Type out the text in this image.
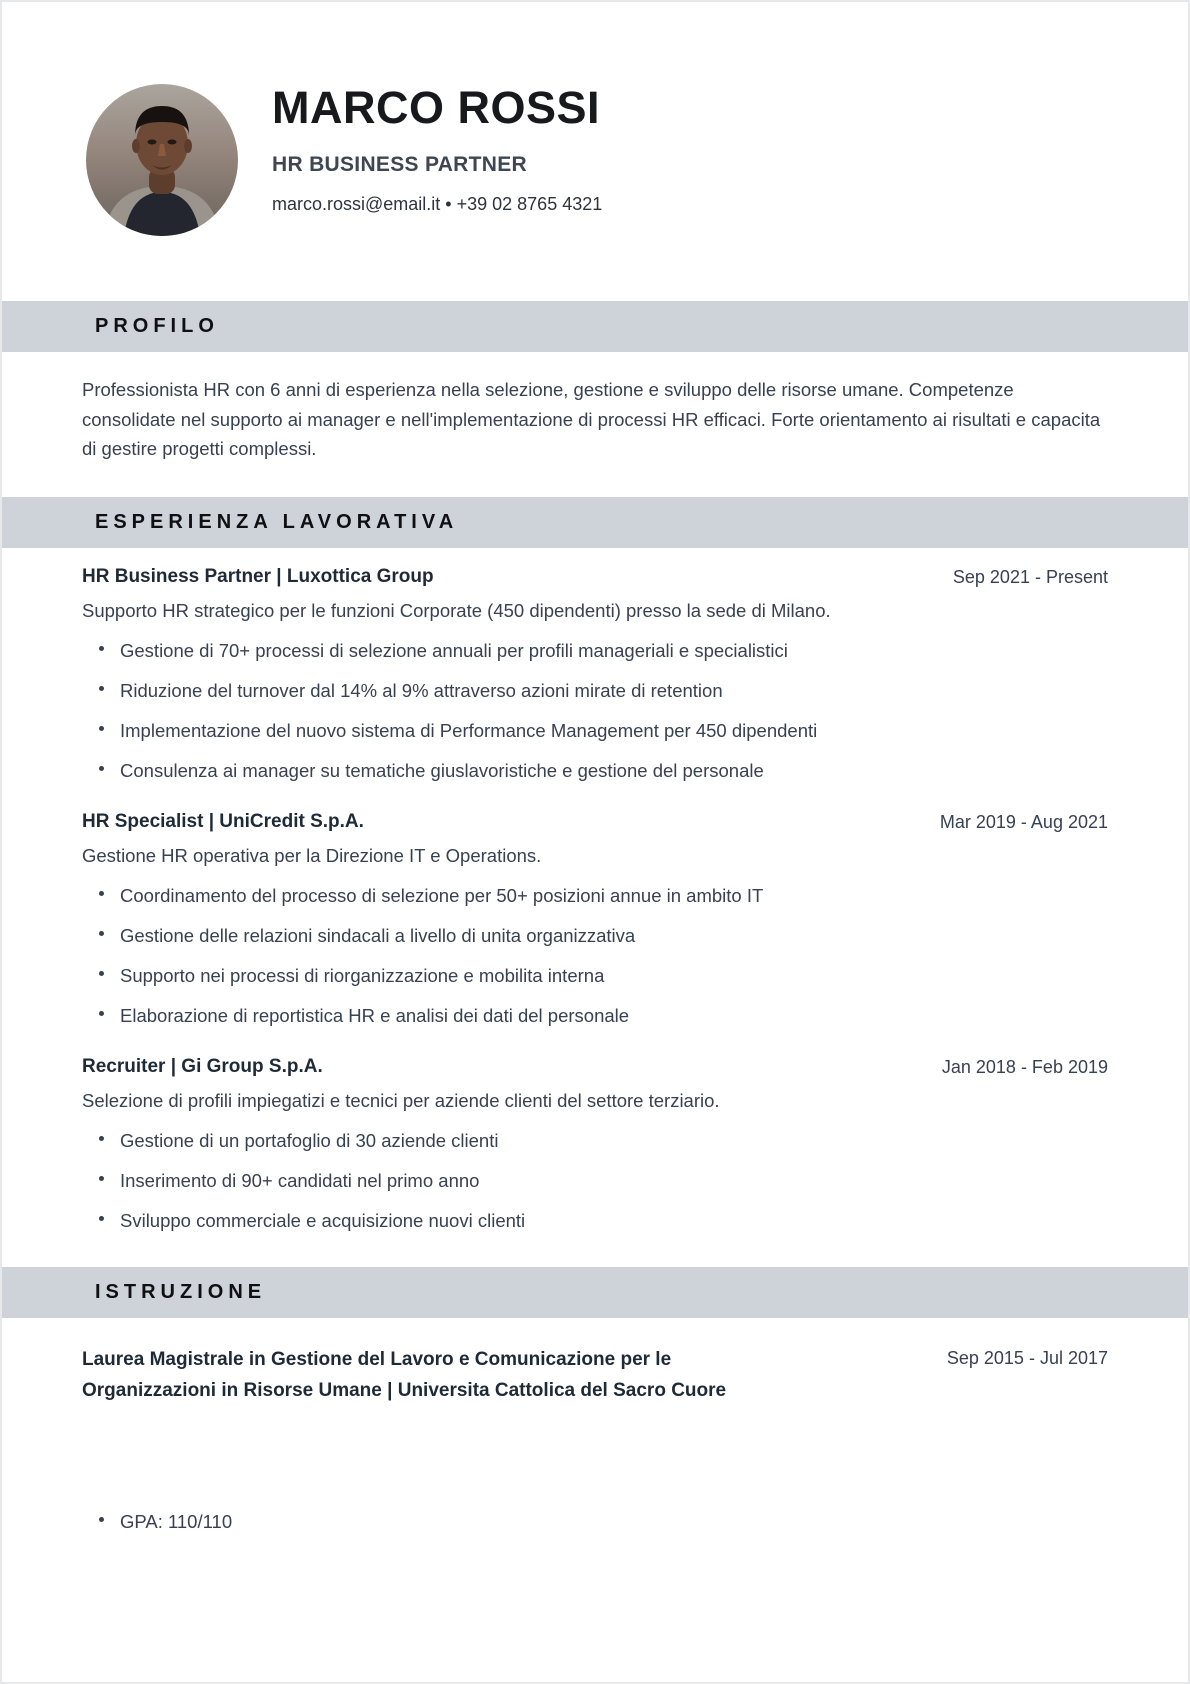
MARCO ROSSI
HR BUSINESS PARTNER
marco.rossi@email.it • +39 02 8765 4321
PROFILO

Professionista HR con 6 anni di esperienza nella selezione, gestione e sviluppo delle risorse umane. Competenze consolidate nel supporto ai manager e nell'implementazione di processi HR efficaci. Forte orientamento ai risultati e capacita di gestire progetti complessi.

ESPERIENZA LAVORATIVA
HR Business Partner | Luxottica Group	Sep 2021 - Present
Supporto HR strategico per le funzioni Corporate (450 dipendenti) presso la sede di Milano.
Gestione di 70+ processi di selezione annuali per profili manageriali e specialistici
Riduzione del turnover dal 14% al 9% attraverso azioni mirate di retention
Implementazione del nuovo sistema di Performance Management per 450 dipendenti
Consulenza ai manager su tematiche giuslavoristiche e gestione del personale
HR Specialist | UniCredit S.p.A.	Mar 2019 - Aug 2021
Gestione HR operativa per la Direzione IT e Operations.
Coordinamento del processo di selezione per 50+ posizioni annue in ambito IT
Gestione delle relazioni sindacali a livello di unita organizzativa
Supporto nei processi di riorganizzazione e mobilita interna
Elaborazione di reportistica HR e analisi dei dati del personale
Recruiter | Gi Group S.p.A.	Jan 2018 - Feb 2019
Selezione di profili impiegatizi e tecnici per aziende clienti del settore terziario.
Gestione di un portafoglio di 30 aziende clienti
Inserimento di 90+ candidati nel primo anno
Sviluppo commerciale e acquisizione nuovi clienti
ISTRUZIONE
Laurea Magistrale in Gestione del Lavoro e Comunicazione per le Organizzazioni in Risorse Umane | Universita Cattolica del Sacro Cuore
Sep 2015 - Jul 2017
GPA: 110/110
